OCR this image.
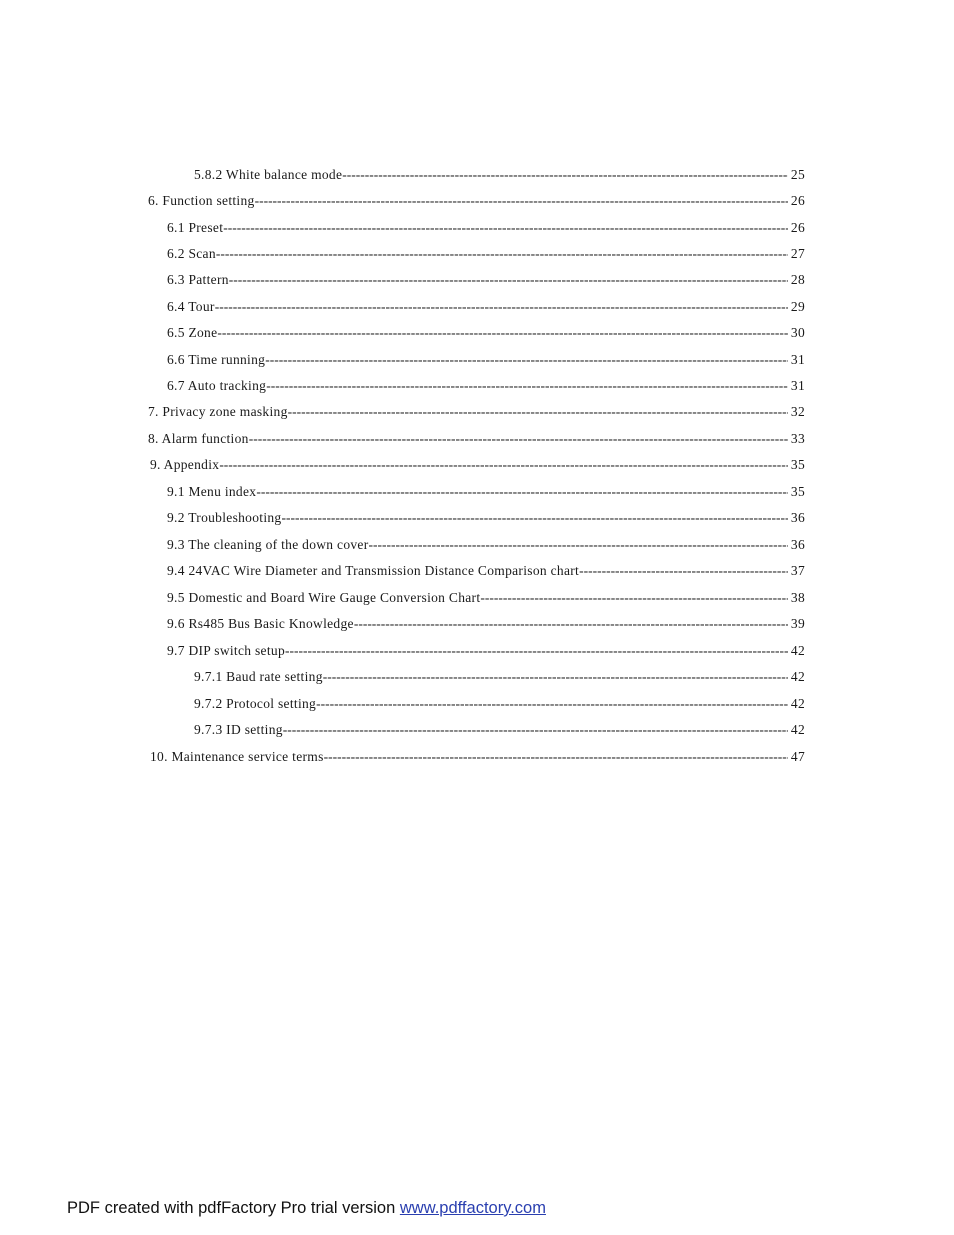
5.8.2 White balance mode -----	25
6. Function setting -----	26
6.1 Preset -----	26
6.2 Scan -----	27
6.3 Pattern -----	28
6.4 Tour -----	29
6.5 Zone -----	30
6.6 Time running -----	31
6.7 Auto tracking -----	31
7. Privacy zone masking -----	32
8. Alarm function -----	33
9. Appendix -----	35
9.1 Menu index -----	35
9.2 Troubleshooting -----	36
9.3 The cleaning of the down cover -----	36
9.4 24VAC Wire Diameter and Transmission Distance Comparison chart -----	37
9.5 Domestic and Board Wire Gauge Conversion Chart -----	38
9.6 Rs485 Bus Basic Knowledge -----	39
9.7 DIP switch setup -----	42
9.7.1 Baud rate setting -----	42
9.7.2 Protocol setting -----	42
9.7.3 ID setting -----	42
10. Maintenance service terms -----	47
PDF created with pdfFactory Pro trial version www.pdffactory.com
